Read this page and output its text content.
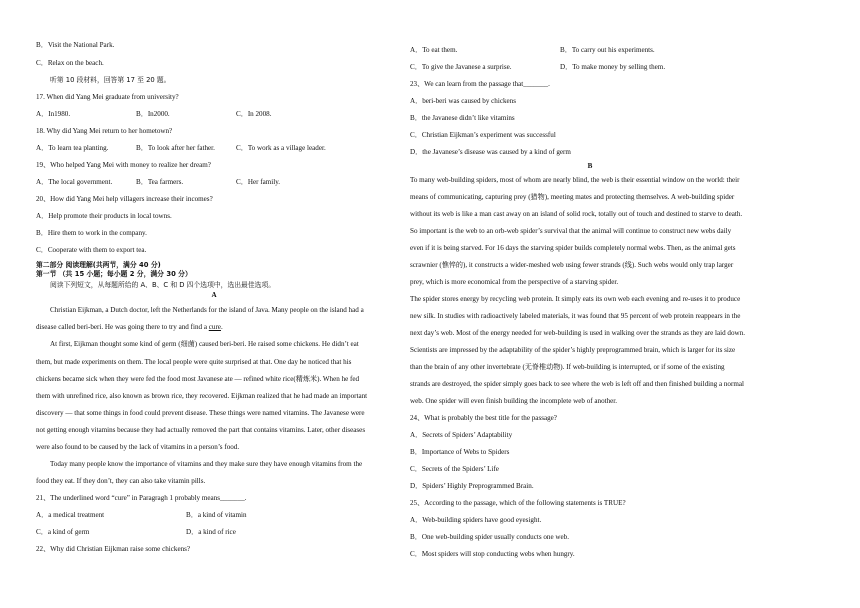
B．Visit the National Park.
C．Relax on the beach.
听第 10 段材料，回答第 17 至 20 题。
17. When did Yang Mei graduate from university?
A．In1980.	B．In2000.	C．In 2008.
18. Why did Yang Mei return to her hometown?
A．To learn tea planting.	B．To look after her father.	C．To work as a village leader.
19、Who helped Yang Mei with money to realize her dream?
A．The local government.	B．Tea farmers.	C．Her family.
20、How did Yang Mei help villagers increase their incomes?
A．Help promote their products in local towns.
B．Hire them to work in the company.
C．Cooperate with them to export tea.
第二部分 阅读理解(共两节，满分 40 分)
第一节 （共 15 小题；每小题 2 分，满分 30 分）
阅读下列短文，从每题所给的 A、B、C 和 D 四个选项中，选出最佳选项。
A
Christian Eijkman, a Dutch doctor, left the Netherlands for the island of Java. Many people on the island had a
disease called beri-beri. He was going there to try and find a cure.
At first, Eijkman thought some kind of germ (细菌) caused beri-beri. He raised some chickens. He didn’t eat
them, but made experiments on them. The local people were quite surprised at that. One day he noticed that his
chickens became sick when they were fed the food most Javanese ate — refined white rice(精炼米). When he fed
them with unrefined rice, also known as brown rice, they recovered. Eijkman realized that he had made an important
discovery — that some things in food could prevent disease. These things were named vitamins. The Javanese were
not getting enough vitamins because they had actually removed the part that contains vitamins. Later, other diseases
were also found to be caused by the lack of vitamins in a person’s food.
Today many people know the importance of vitamins and they make sure they have enough vitamins from the
food they eat. If they don’t, they can also take vitamin pills.
21、The underlined word “cure” in Paragragh 1 probably means_______.
A．a medical treatment	B．a kind of vitamin
C．a kind of germ	D．a kind of rice
22、Why did Christian Eijkman raise some chickens?
A．To eat them.	B．To carry out his experiments.
C．To give the Javanese a surprise.	D．To make money by selling them.
23、We can learn from the passage that_______.
A．beri-beri was caused by chickens
B．the Javanese didn’t like vitamins
C．Christian Eijkman’s experiment was successful
D．the Javanese’s disease was caused by a kind of germ
B
To many web-building spiders, most of whom are nearly blind, the web is their essential window on the world: their
means of communicating, capturing prey (猎物), meeting mates and protecting themselves. A web-building spider
without its web is like a man cast away on an island of solid rock, totally out of touch and destined to starve to death.
So important is the web to an orb-web spider’s survival that the animal will continue to construct new webs daily
even if it is being starved. For 16 days the starving spider builds completely normal webs. Then, as the animal gets
scrawnier (憔悴的), it constructs a wider-meshed web using fewer strands (线). Such webs would only trap larger
prey, which is more economical from the perspective of a starving spider.
The spider stores energy by recycling web protein. It simply eats its own web each evening and re-uses it to produce
new silk. In studies with radioactively labeled materials, it was found that 95 percent of web protein reappears in the
next day’s web. Most of the energy needed for web-building is used in walking over the strands as they are laid down.
Scientists are impressed by the adaptability of the spider’s highly preprogrammed brain, which is larger for its size
than the brain of any other invertebrate (无脊椎动物). If web-building is interrupted, or if some of the existing
strands are destroyed, the spider simply goes back to see where the web is left off and then finished building a normal
web. One spider will even finish building the incomplete web of another.
24、What is probably the best title for the passage?
A．Secrets of Spiders’ Adaptability
B．Importance of Webs to Spiders
C．Secrets of the Spiders’ Life
D．Spiders’ Highly Preprogrammed Brain.
25、According to the passage, which of the following statements is TRUE?
A．Web-building spiders have good eyesight.
B．One web-building spider usually conducts one web.
C．Most spiders will stop conducting webs when hungry.
